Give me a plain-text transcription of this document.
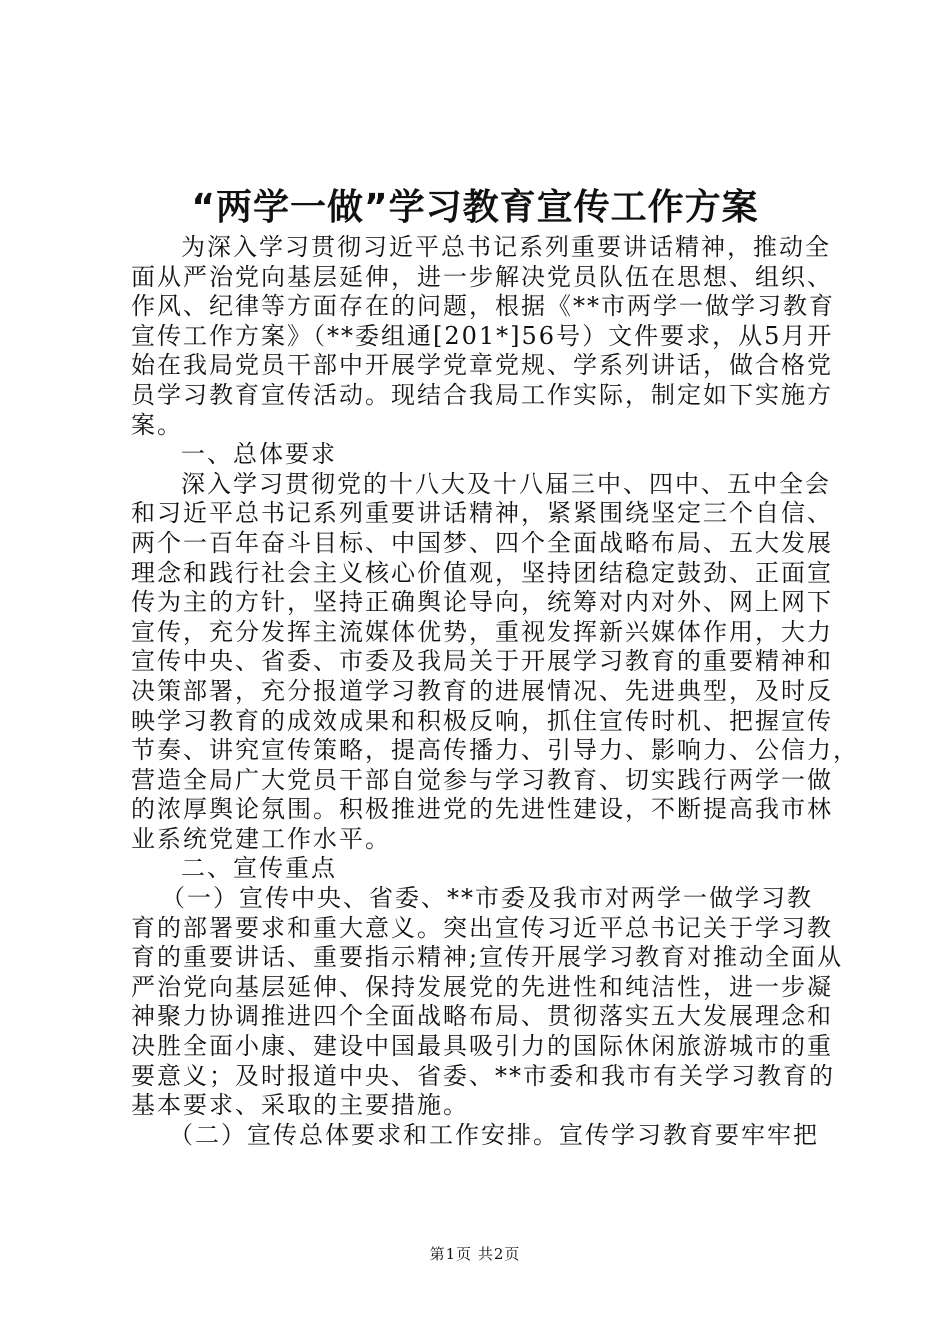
“两学一做”学习教育宣传工作方案
为深入学习贯彻习近平总书记系列重要讲话精神，推动全
面从严治党向基层延伸，进一步解决党员队伍在思想、组织、
作风、纪律等方面存在的问题，根据《**市两学一做学习教育
宣传工作方案》（**委组通[201*]56号）文件要求，从5月开
始在我局党员干部中开展学党章党规、学系列讲话，做合格党
员学习教育宣传活动。现结合我局工作实际，制定如下实施方
案。
一、总体要求
深入学习贯彻党的十八大及十八届三中、四中、五中全会
和习近平总书记系列重要讲话精神，紧紧围绕坚定三个自信、
两个一百年奋斗目标、中国梦、四个全面战略布局、五大发展
理念和践行社会主义核心价值观，坚持团结稳定鼓劲、正面宣
传为主的方针，坚持正确舆论导向，统筹对内对外、网上网下
宣传，充分发挥主流媒体优势，重视发挥新兴媒体作用，大力
宣传中央、省委、市委及我局关于开展学习教育的重要精神和
决策部署，充分报道学习教育的进展情况、先进典型，及时反
映学习教育的成效成果和积极反响，抓住宣传时机、把握宣传
节奏、讲究宣传策略，提高传播力、引导力、影响力、公信力，
营造全局广大党员干部自觉参与学习教育、切实践行两学一做
的浓厚舆论氛围。积极推进党的先进性建设，不断提高我市林
业系统党建工作水平。
二、宣传重点
（一）宣传中央、省委、**市委及我市对两学一做学习教
育的部署要求和重大意义。突出宣传习近平总书记关于学习教
育的重要讲话、重要指示精神;宣传开展学习教育对推动全面从
严治党向基层延伸、保持发展党的先进性和纯洁性，进一步凝
神聚力协调推进四个全面战略布局、贯彻落实五大发展理念和
决胜全面小康、建设中国最具吸引力的国际休闲旅游城市的重
要意义；及时报道中央、省委、**市委和我市有关学习教育的
基本要求、采取的主要措施。
（二）宣传总体要求和工作安排。宣传学习教育要牢牢把
第1页 共2页
